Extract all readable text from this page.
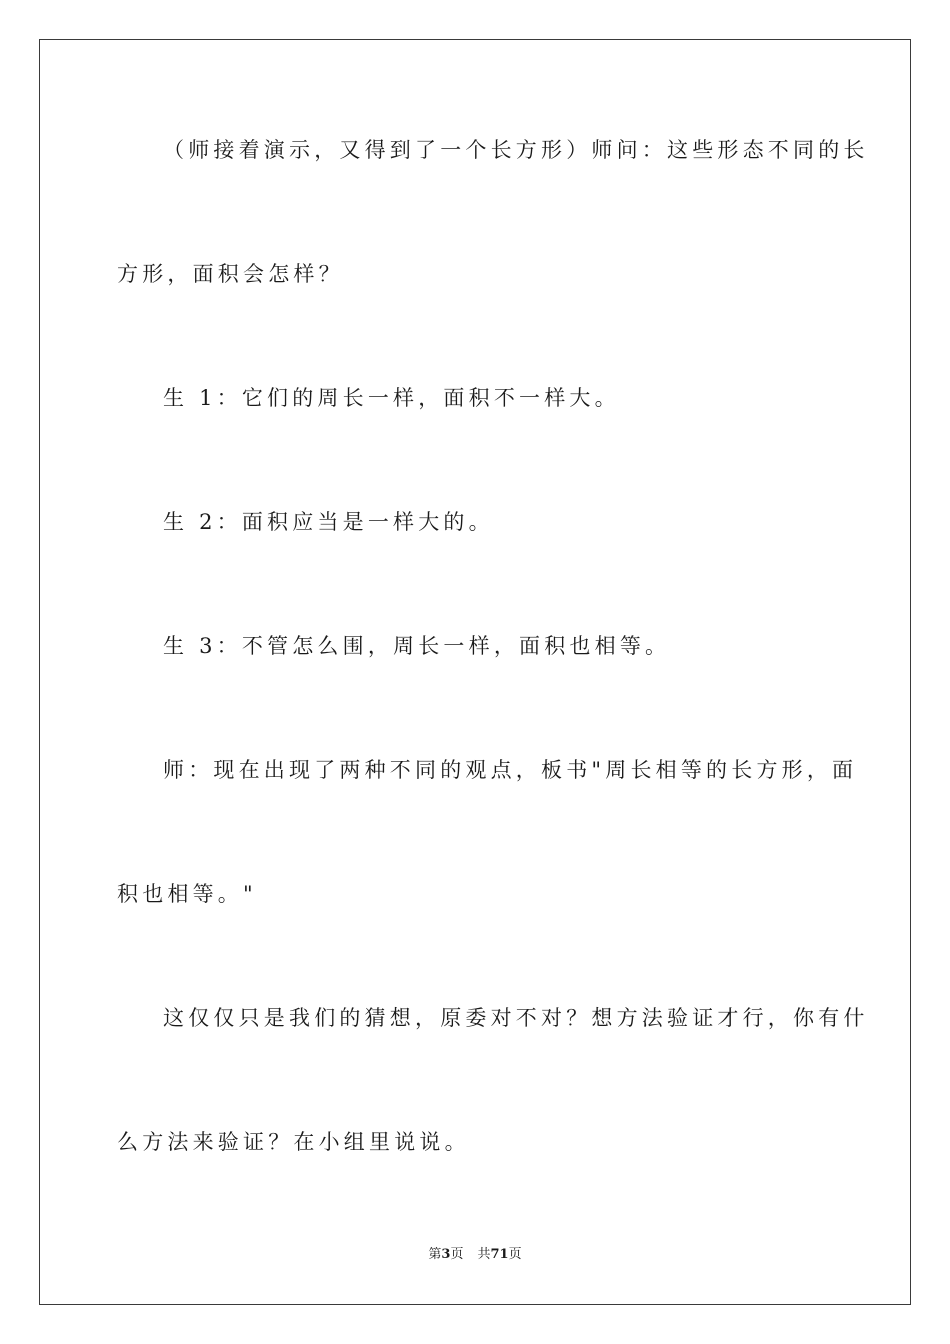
（师接着演示，又得到了一个长方形）师问：这些形态不同的长
方形，面积会怎样？
生 1：它们的周长一样，面积不一样大。
生 2：面积应当是一样大的。
生 3：不管怎么围，周长一样，面积也相等。
师：现在出现了两种不同的观点，板书"周长相等的长方形，面
积也相等。"
这仅仅只是我们的猜想，原委对不对？想方法验证才行，你有什
么方法来验证？在小组里说说。
第3页 共71页
